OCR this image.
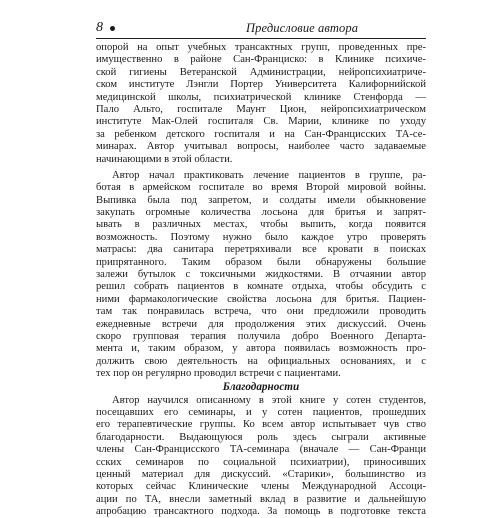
8	Предисловие автора
опорой на опыт учебных трансактных групп, проведенных пре-
имущественно в районе Сан-Франциско: в Клинике психиче-
ской гигиены Ветеранской Администрации, нейропсихиатриче-
ском институте Лэнгли Портер Университета Калифорнийской
медицинской школы, психиатрической клинике Стенфорда —
Пало Альто, госпитале Маунт Цион, нейропсихиатрическом
институте Мак-Олей госпиталя Св. Марии, клинике по уходу
за ребенком детского госпиталя и на Сан-Францисских ТА-се-
минарах. Автор учитывал вопросы, наиболее часто задаваемые
начинающими в этой области.
Автор начал практиковать лечение пациентов в группе, ра-
ботая в армейском госпитале во время Второй мировой войны.
Выпивка была под запретом, и солдаты имели обыкновение
закупать огромные количества лосьона для бритья и запрят-
ывать в различных местах, чтобы выпить, когда появится
возможность. Поэтому нужно было каждое утро проверять
матрасы: два санитара перетряхивали все кровати в поисках
припрятанного. Таким образом были обнаружены большие
залежи бутылок с токсичными жидкостями. В отчаянии автор
решил собрать пациентов в комнате отдыха, чтобы обсудить с
ними фармакологические свойства лосьона для бритья. Пациен-
там так понравилась встреча, что они предложили проводить
ежедневные встречи для продолжения этих дискуссий. Очень
скоро групповая терапия получила добро Военного Департа-
мента и, таким образом, у автора появилась возможность про-
должить свою деятельность на официальных основаниях, и с
тех пор он регулярно проводил встречи с пациентами.
Благодарности
Автор научился описанному в этой книге у сотен студентов,
посещавших его семинары, и у сотен пациентов, прошедших
его терапевтические группы. Ко всем автор испытывает чув ство
благодарности. Выдающуюся роль здесь сыграли активные
члены Сан-Францисского ТА-семинара (вначале — Сан-Франци
сских семинаров по социальной психиатрии), приносивших
ценный материал для дискуссий. «Старики», большинство из
которых сейчас Клинические члены Международной Ассоци-
ации по ТА, внесли заметный вклад в развитие и дальнейшую
апробацию трансактного подхода. За помощь в подготовке текста
